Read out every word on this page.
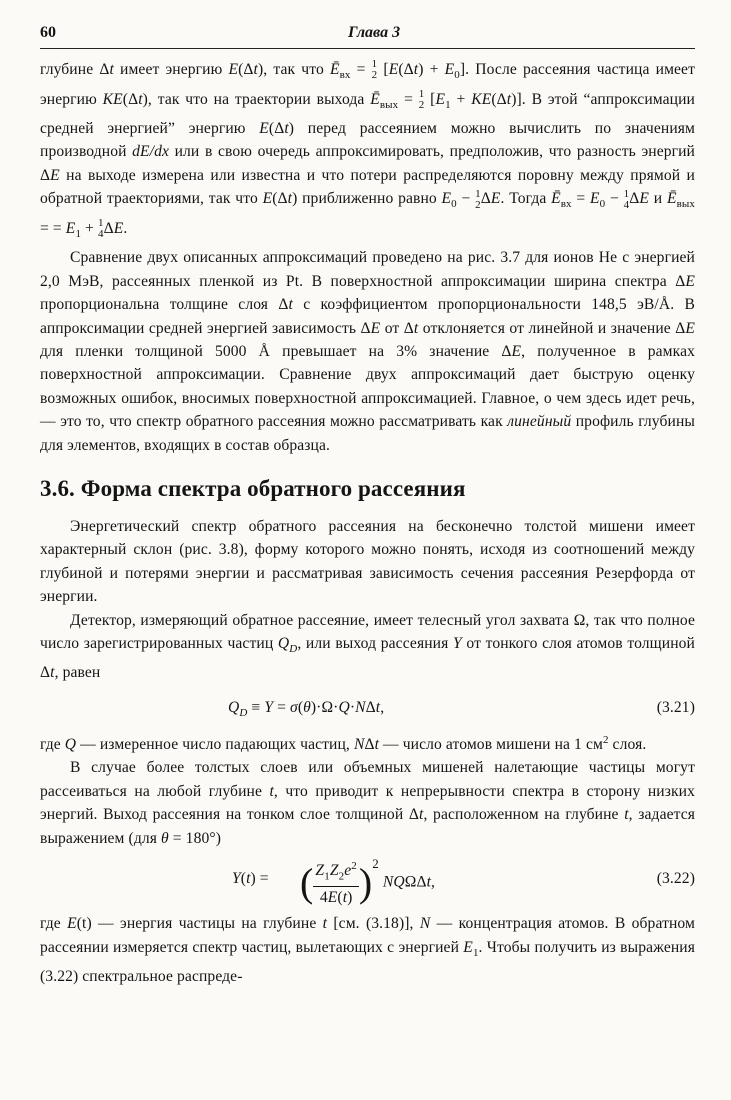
60	Глава 3

глубине Δt имеет энергию E(Δt), так что $Ē_{вх} = 1$
2 $[E(\Delta t) + E_0]$. После рассеяния частица имеет энергию KE(Δt), так что на траектории выхода $Ē_{вых} = 1$
2 $[E_1 + KE(\Delta t)]$. В этой “аппроксимации средней энергией” энергию E(Δt) перед рассеянием можно вычислить по значениям производной dE/dx или в свою очередь аппроксимировать, предположив, что разность энергий ΔE на выходе измерена или известна и что потери распределяются поровну между прямой и обратной траекториями, так что E(Δt) приближенно равно $E_0 - 1$
2 ΔE. Тогда $Ē_{вх} = E_0 - 1$
4 ΔE и $Ē_{вых}$ = = $E_1 + 1$
4 ΔE.

Сравнение двух описанных аппроксимаций проведено на рис. 3.7 для ионов He с энергией 2,0 МэВ, рассеянных пленкой из Pt. В поверхностной аппроксимации ширина спектра ΔE пропорциональна толщине слоя Δt с коэффициентом пропорциональности 148,5 эВ/Å. В аппроксимации средней энергией зависимость ΔE от Δt отклоняется от линейной и значение ΔE для пленки толщиной 5000 Å превышает на 3% значение ΔE, полученное в рамках поверхностной аппроксимации. Сравнение двух аппроксимаций дает быструю оценку возможных ошибок, вносимых поверхностной аппроксимацией. Главное, о чем здесь идет речь, — это то, что спектр обратного рассеяния можно рассматривать как линейный профиль глубины для элементов, входящих в состав образца.

3.6. Форма спектра обратного рассеяния

Энергетический спектр обратного рассеяния на бесконечно толстой мишени имеет характерный склон (рис. 3.8), форму которого можно понять, исходя из соотношений между глубиной и потерями энергии и рассматривая зависимость сечения рассеяния Резерфорда от энергии.

Детектор, измеряющий обратное рассеяние, имеет телесный угол захвата Ω, так что полное число зарегистрированных частиц $Q_D$, или выход рассеяния Y от тонкого слоя атомов толщиной Δt, равен

$Q_D \equiv Y = \sigma(\theta)\cdot\Omega\cdot Q\cdot N\Delta t$,	(3.21)

где Q — измеренное число падающих частиц, NΔt — число атомов мишени на 1 $см^2$ слоя.

В случае более толстых слоев или объемных мишеней налетающие частицы могут рассеиваться на любой глубине t, что приводит к непрерывности спектра в сторону низких энергий. Выход рассеяния на тонком слое толщиной Δt, расположенном на глубине t, задается выражением (для θ = 180°)

Y(t) = ( $\frac{Z_1Z_2e^2}{4E(t)} )^2$ NQΩΔt,	(3.22)

где E(t) — энергия частицы на глубине t [см. (3.18)], N — концентрация атомов. В обратном рассеянии измеряется спектр частиц, вылетающих с энергией $E_1$. Чтобы получить из выражения (3.22) спектральное распреде-
